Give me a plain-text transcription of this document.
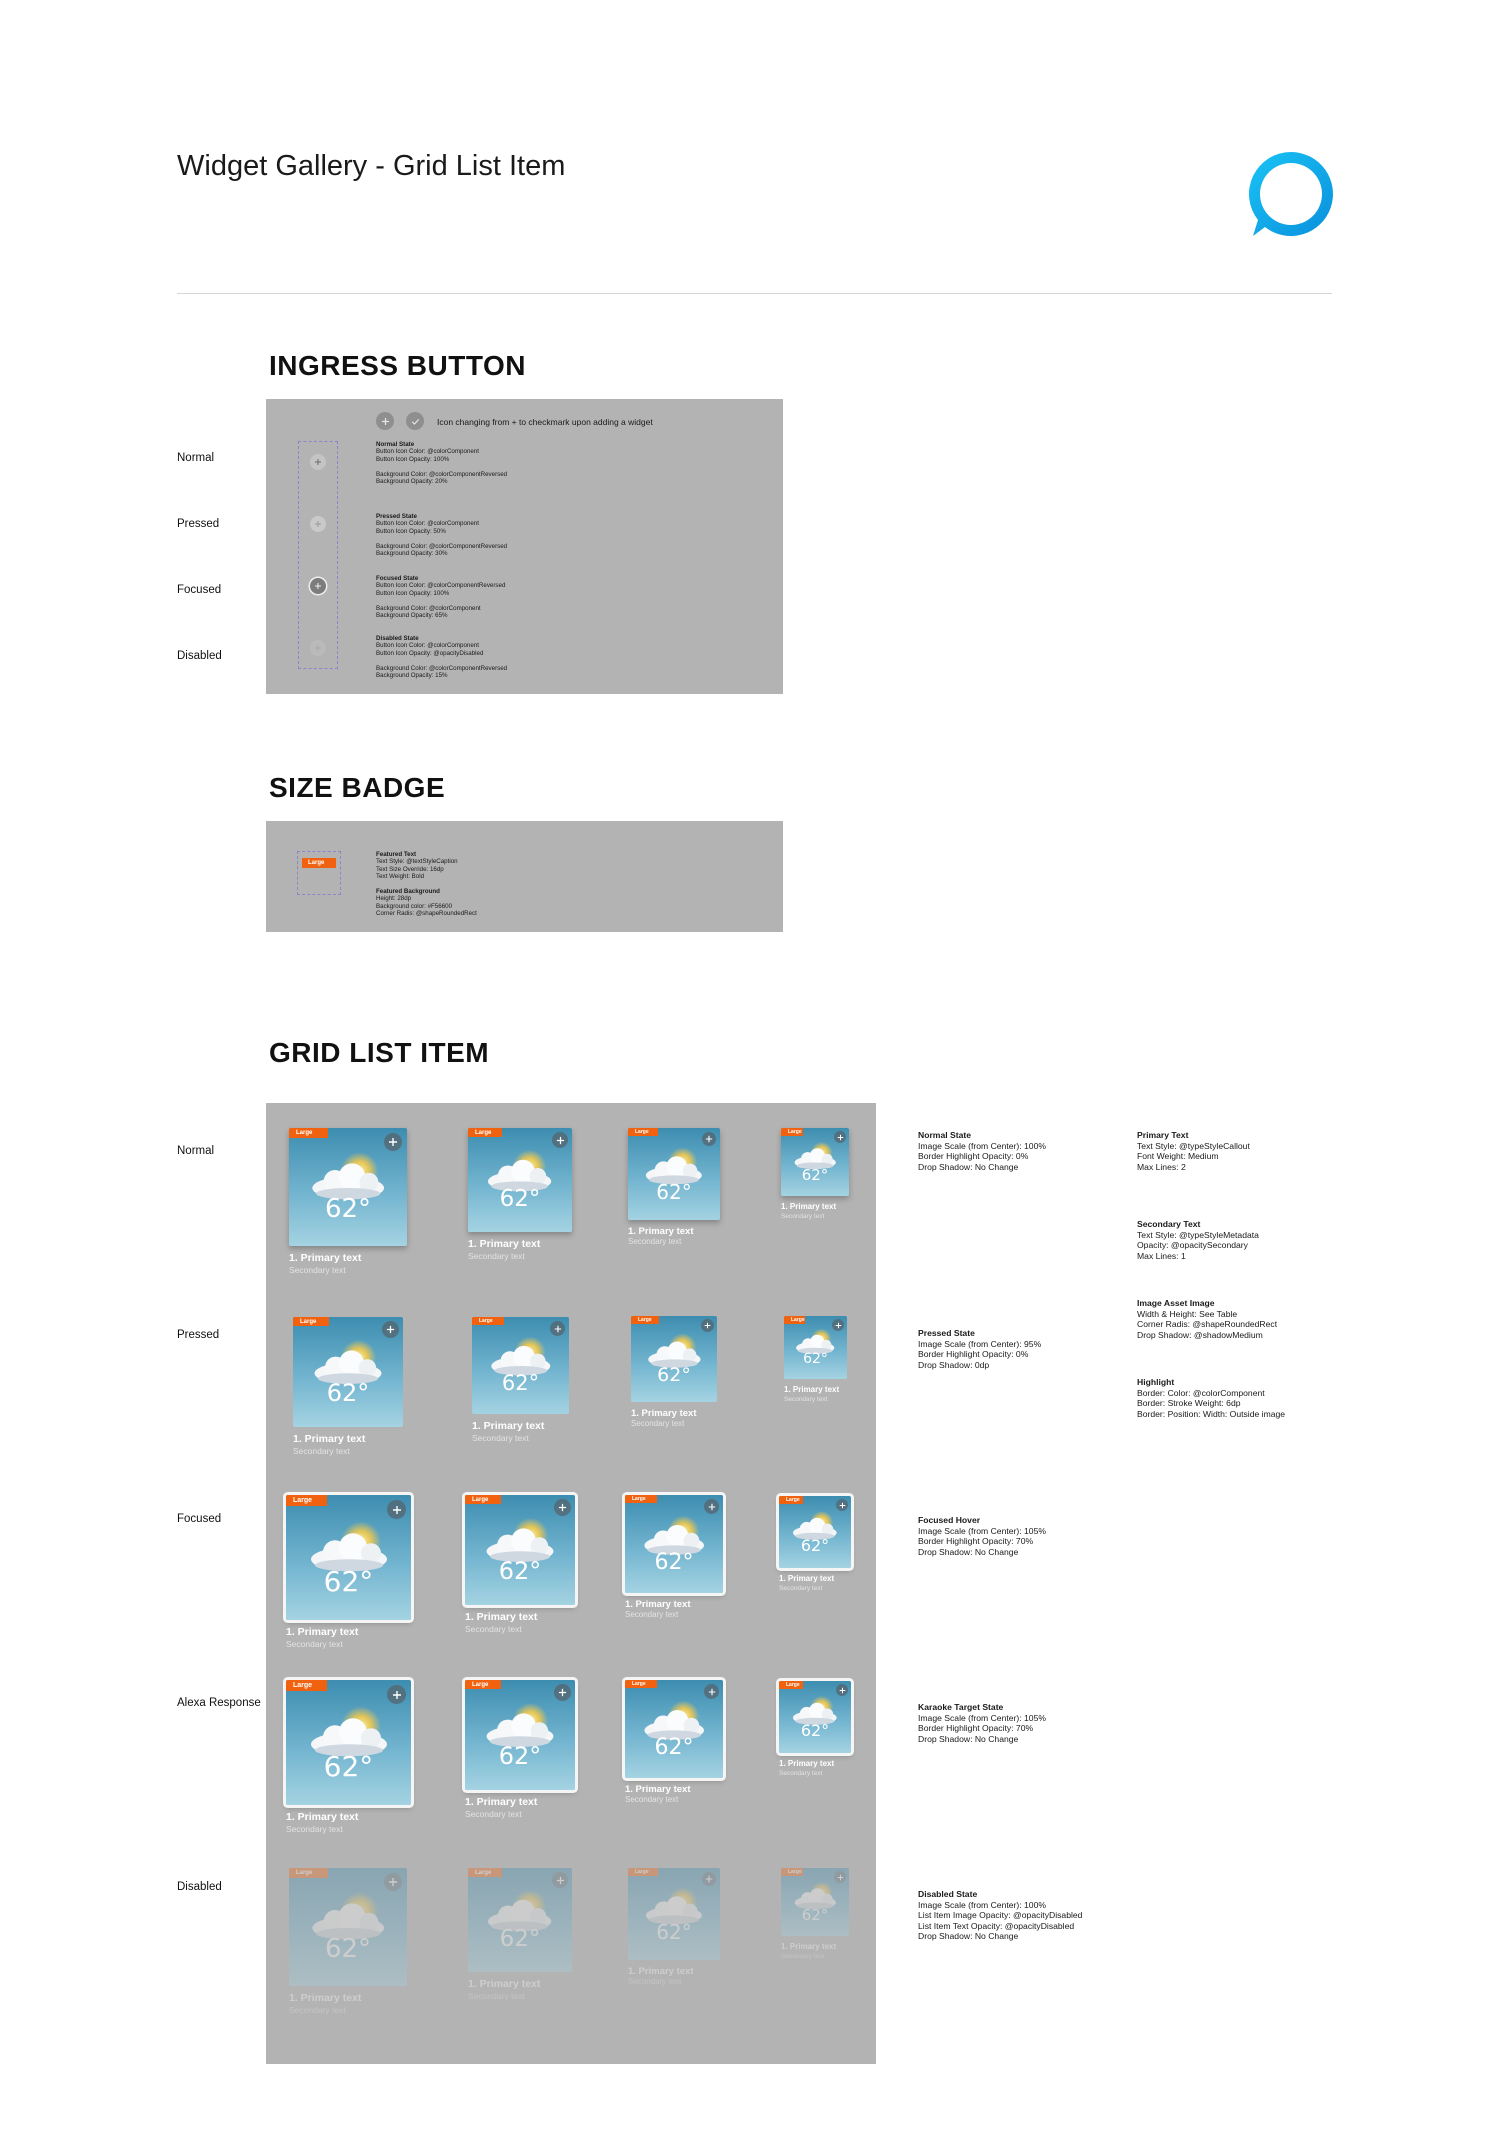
Widget Gallery - Grid List Item
INGRESS BUTTON
Icon changing from + to checkmark upon adding a widget
Normal State
Button Icon Color: @colorComponent
Button Icon Opacity: 100%

Background Color: @colorComponentReversed
Background Opacity: 20%
Pressed State
Button Icon Color: @colorComponent
Button Icon Opacity: 50%

Background Color: @colorComponentReversed
Background Opacity: 30%
Focused State
Button Icon Color: @colorComponentReversed
Button Icon Opacity: 100%

Background Color: @colorComponent
Background Opacity: 65%
Disabled State
Button Icon Color: @colorComponent
Button Icon Opacity: @opacityDisabled

Background Color: @colorComponentReversed
Background Opacity: 15%
Normal
Pressed
Focused
Disabled
SIZE BADGE
Large
Featured Text
Text Style: @textStyleCaption
Text Size Override: 16dp
Text Weight: Bold

Featured Background
Height: 28dp
Background color: #F56600
Corner Radis: @shapeRoundedRect
GRID LIST ITEM
62°
Large
1. Primary text
Secondary text
62°
Large
1. Primary text
Secondary text
62°
Large
1. Primary text
Secondary text
62°
Large
1. Primary text
Secondary text
62°
Large
1. Primary text
Secondary text
62°
Large
1. Primary text
Secondary text
62°
Large
1. Primary text
Secondary text
62°
Large
1. Primary text
Secondary text
62°
Large
1. Primary text
Secondary text
62°
Large
1. Primary text
Secondary text
62°
Large
1. Primary text
Secondary text
62°
Large
1. Primary text
Secondary text
62°
Large
1. Primary text
Secondary text
62°
Large
1. Primary text
Secondary text
62°
Large
1. Primary text
Secondary text
62°
Large
1. Primary text
Secondary text
62°
Large
1. Primary text
Secondary text
62°
Large
1. Primary text
Secondary text
62°
Large
1. Primary text
Secondary text
62°
Large
1. Primary text
Secondary text
Normal
Pressed
Focused
Alexa Response
Disabled
Normal State
Image Scale (from Center): 100%
Border Highlight Opacity: 0%
Drop Shadow: No Change
Pressed State
Image Scale (from Center): 95%
Border Highlight Opacity: 0%
Drop Shadow: 0dp
Focused Hover
Image Scale (from Center): 105%
Border Highlight Opacity: 70%
Drop Shadow: No Change
Karaoke Target State
Image Scale (from Center): 105%
Border Highlight Opacity: 70%
Drop Shadow: No Change
Disabled State
Image Scale (from Center): 100%
List Item Image Opacity: @opacityDisabled
List Item Text Opacity: @opacityDisabled
Drop Shadow: No Change
Primary Text
Text Style: @typeStyleCallout
Font Weight: Medium
Max Lines: 2
Secondary Text
Text Style: @typeStyleMetadata
Opacity: @opacitySecondary
Max Lines: 1
Image Asset Image
Width & Height: See Table
Corner Radis: @shapeRoundedRect
Drop Shadow: @shadowMedium
Highlight
Border: Color: @colorComponent
Border: Stroke Weight: 6dp
Border: Position: Width: Outside image
